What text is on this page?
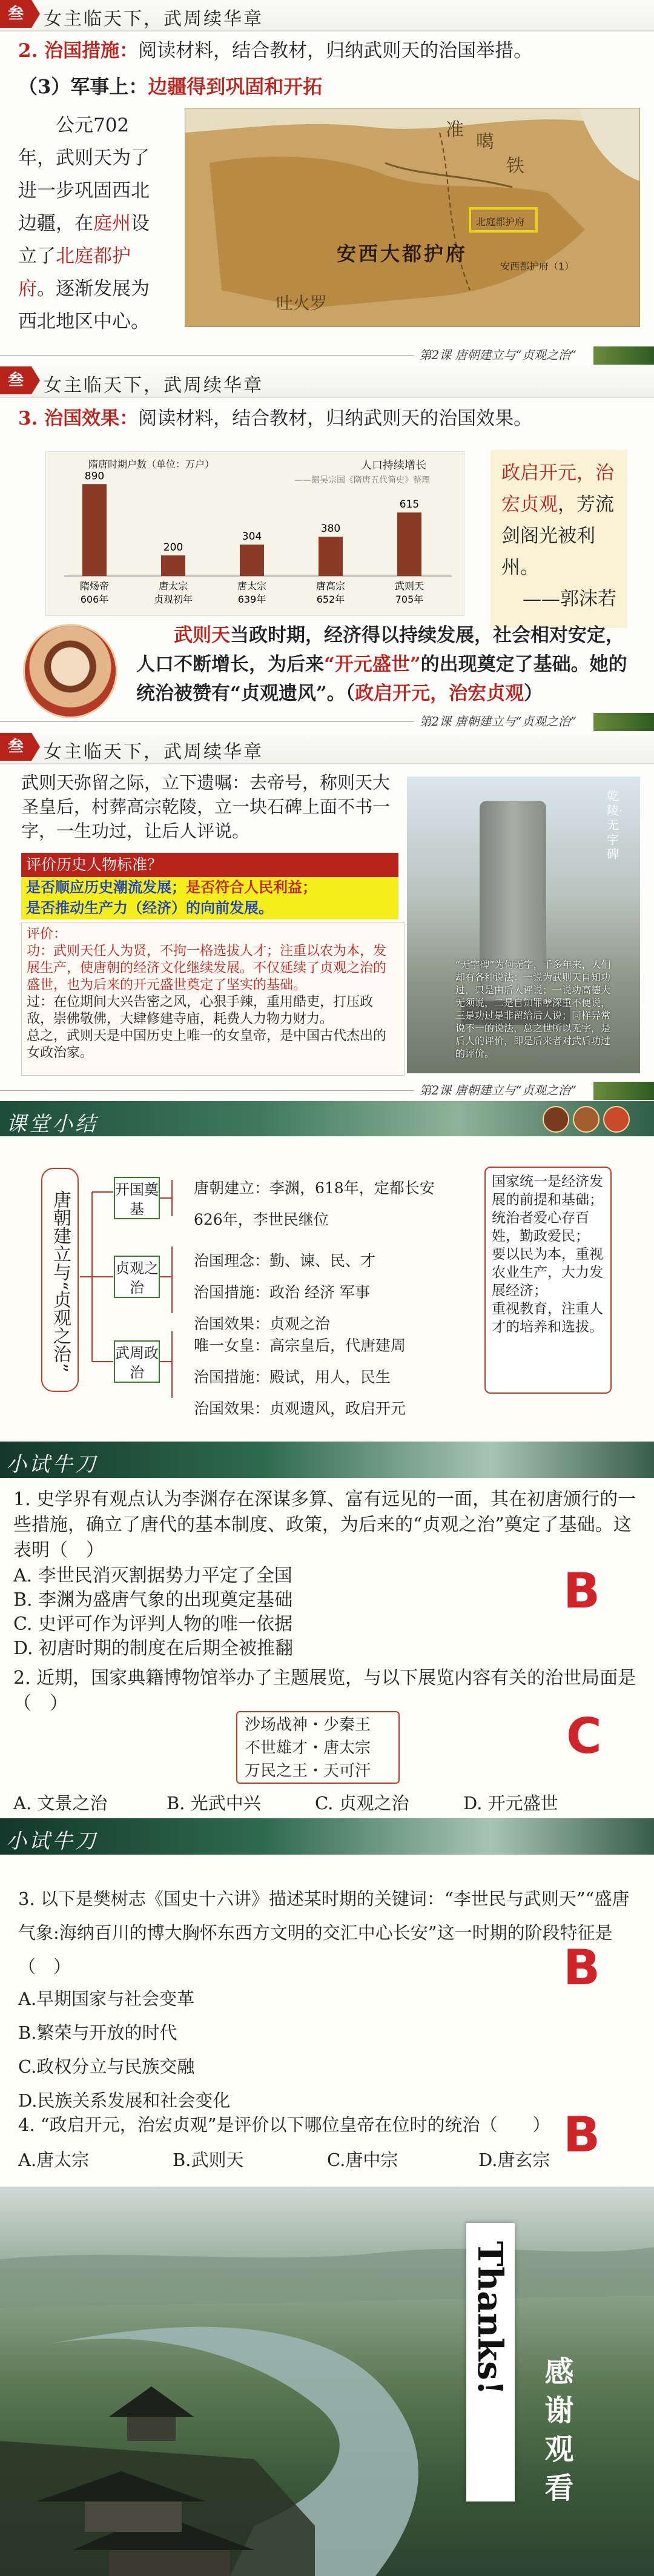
叁	女主临天下，武周续华章
2. 治国措施：阅读材料，结合教材，归纳武则天的治国举措。
（3）军事上：边疆得到巩固和开拓
　　公元702年，武则天为了进一步巩固西北边疆，在庭州设立了北庭都护府。逐渐发展为西北地区中心。
准
噶
铁
北庭都护府
安西大都护府
吐火罗
安西都护府（1）
第2课 唐朝建立与“贞观之治”
叁	女主临天下，武周续华章
3. 治国效果：阅读材料，结合教材，归纳武则天的治国效果。
隋唐时期户数（单位：万户）	人口持续增长
——据吴宗国《隋唐五代简史》整理
890
隋炀帝
606年
200
唐太宗
贞观初年
304
唐太宗
639年
380
唐高宗
652年
615
武则天
705年
政启开元，治宏贞观，芳流剑阁光被利州。
——郭沫若
武则天当政时期，经济得以持续发展，社会相对安定，人口不断增长，为后来“开元盛世”的出现奠定了基础。她的统治被赞有“贞观遗风”。（政启开元，治宏贞观）
第2课 唐朝建立与“贞观之治”
叁	女主临天下，武周续华章
武则天弥留之际，立下遗嘱：去帝号，称则天大圣皇后，村葬高宗乾陵，立一块石碑上面不书一字，一生功过，让后人评说。
评价历史人物标准？
是否顺应历史潮流发展；是否符合人民利益；
是否推动生产力（经济）的向前发展。
评价：
功：武则天任人为贤，不拘一格选拔人才；注重以农为本，发展生产，使唐朝的经济文化继续发展。不仅延续了贞观之治的盛世，也为后来的开元盛世奠定了坚实的基础。
过：在位期间大兴告密之风，心狠手辣，重用酷吏，打压政敌，崇佛敬佛，大肆修建寺庙，耗费人力物力财力。
总之，武则天是中国历史上唯一的女皇帝，是中国古代杰出的女政治家。
乾陵·无字碑
“无字碑”为何无字，千多年来，人们却有各种说法：一说为武则天自知功过，只是由后人评说；一说功高德大无须说，二是自知罪孽深重不便说，三是功过是非留给后人说；同样异常说不一的说法，总之世所以无字，是后人的评价，即是后来者对武后功过的评价。
第2课 唐朝建立与“贞观之治”
课堂小结
唐朝建立与“贞观之治”
开国奠基
贞观之治
武周政治
唐朝建立：李渊，618年，定都长安
626年，李世民继位
治国理念：勤、谏、民、才
治国措施：政治 经济 军事
治国效果：贞观之治
唯一女皇：高宗皇后，代唐建周
治国措施：殿试，用人，民生
治国效果：贞观遗风，政启开元
国家统一是经济发展的前提和基础；
统治者爱心存百姓，勤政爱民；
要以民为本，重视农业生产，大力发展经济；
重视教育，注重人才的培养和选拔。
小试牛刀
1. 史学界有观点认为李渊存在深谋多算、富有远见的一面，其在初唐颁行的一些措施，确立了唐代的基本制度、政策，为后来的“贞观之治”奠定了基础。这表明（　）
A. 李世民消灭割据势力平定了全国
B. 李渊为盛唐气象的出现奠定基础
C. 史评可作为评判人物的唯一依据
D. 初唐时期的制度在后期全被推翻
B
2. 近期，国家典籍博物馆举办了主题展览，与以下展览内容有关的治世局面是（　）
沙场战神・少秦王
不世雄才・唐太宗
万民之王・天可汗
C
A. 文景之治	B. 光武中兴	C. 贞观之治	D. 开元盛世
小试牛刀
3. 以下是樊树志《国史十六讲》描述某时期的关键词：“李世民与武则天”“盛唐气象:海纳百川的博大胸怀东西方文明的交汇中心长安”这一时期的阶段特征是（　）
A.早期国家与社会变革
B.繁荣与开放的时代
C.政权分立与民族交融
D.民族关系发展和社会变化
B
4. “政启开元，治宏贞观”是评价以下哪位皇帝在位时的统治（　　） B
A.唐太宗	B.武则天	C.唐中宗	D.唐玄宗
Thanks!
感谢观看
